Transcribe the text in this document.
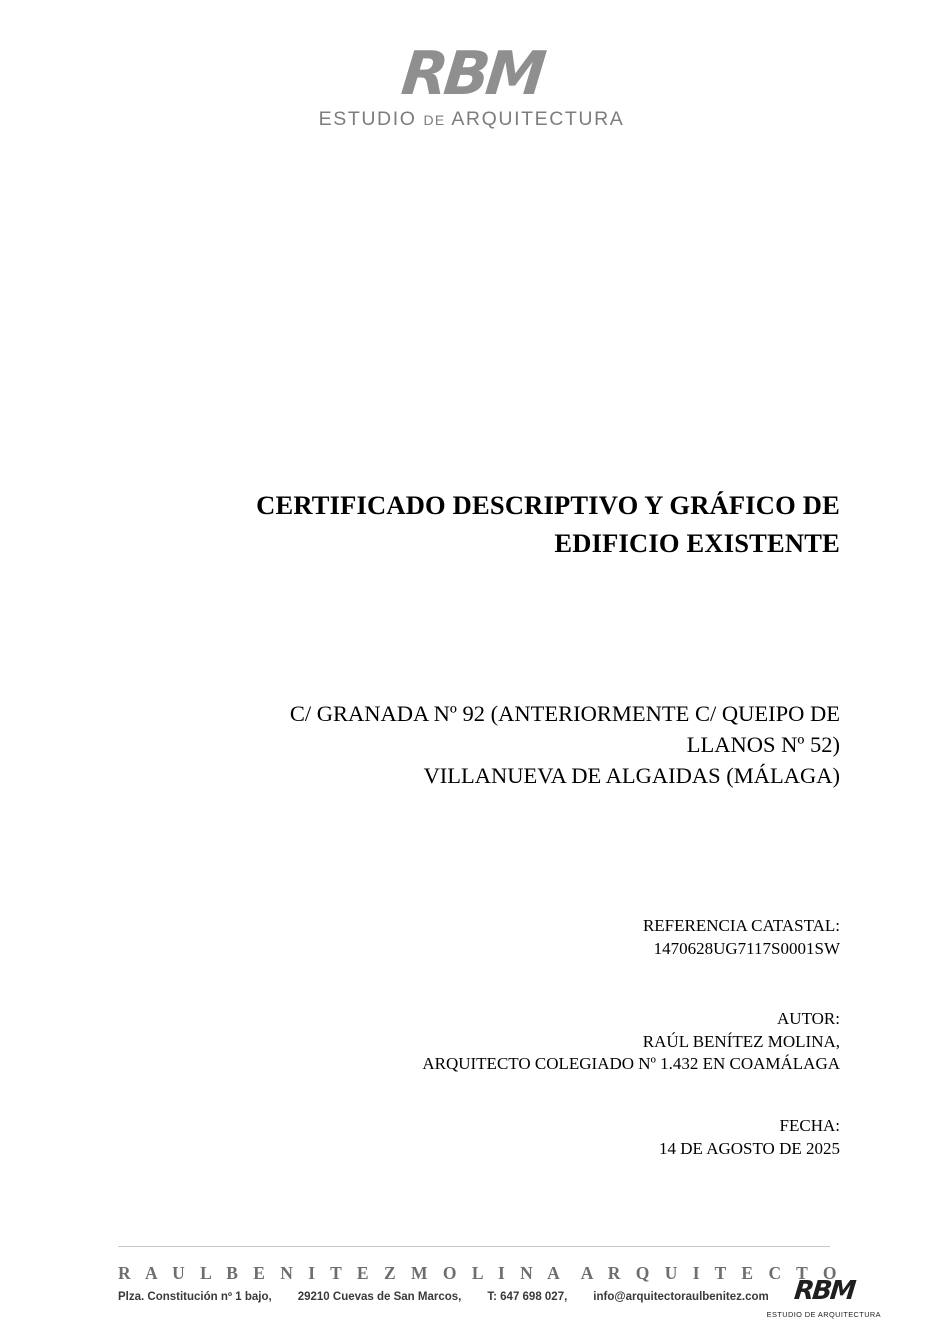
RBM
ESTUDIO DE ARQUITECTURA
CERTIFICADO DESCRIPTIVO Y GRÁFICO DE
EDIFICIO EXISTENTE
C/ GRANADA Nº 92 (ANTERIORMENTE C/ QUEIPO DE
LLANOS Nº 52)
VILLANUEVA DE ALGAIDAS (MÁLAGA)
REFERENCIA CATASTAL:
1470628UG7117S0001SW
AUTOR:
RAÚL BENÍTEZ MOLINA,
ARQUITECTO COLEGIADO Nº 1.432 EN COAMÁLAGA
FECHA:
14 DE AGOSTO DE 2025
R A U L B E N I T E Z M O L I N A A R Q U I T E C T O
Plza. Constitución nº 1 bajo, 29210 Cuevas de San Marcos, T: 647 698 027, info@arquitectoraulbenitez.com RBM
ESTUDIO DE ARQUITECTURA
